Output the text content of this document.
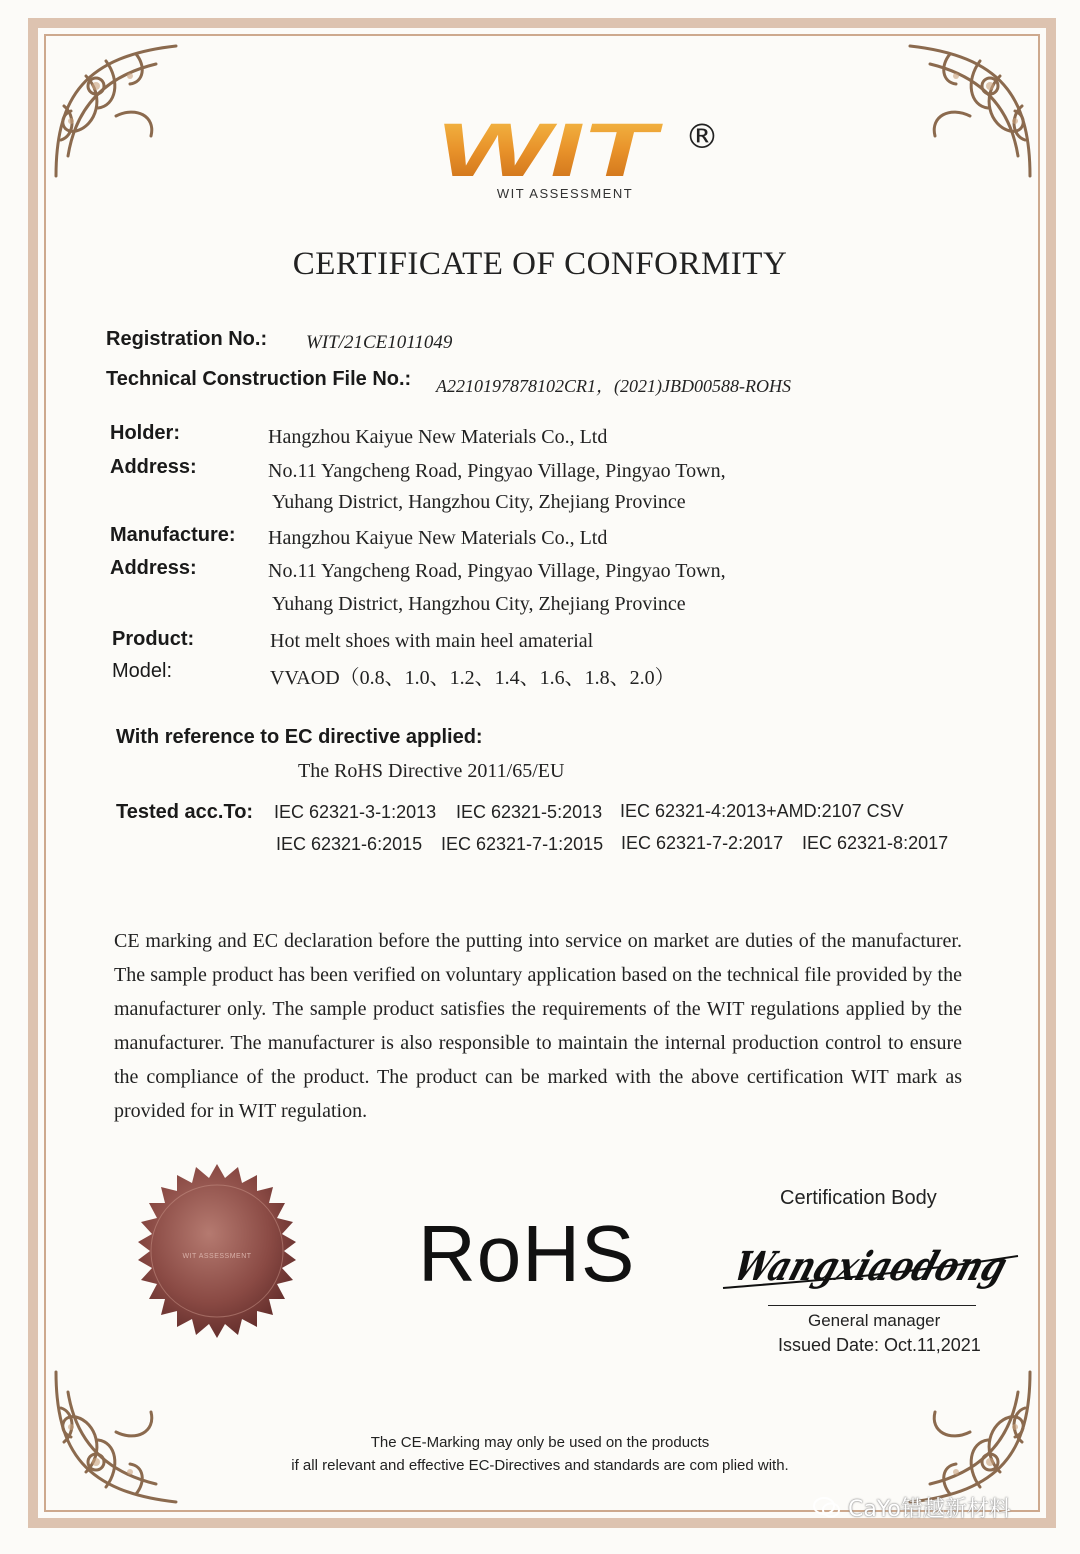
WIT	®
WIT ASSESSMENT
CERTIFICATE OF CONFORMITY
Registration No.: WIT/21CE1011049
Technical Construction File No.: A2210197878102CR1，(2021)JBD00588-ROHS
Holder:	Hangzhou Kaiyue New Materials Co., Ltd
Address:	No.11 Yangcheng Road, Pingyao Village, Pingyao Town,
Yuhang District, Hangzhou City, Zhejiang Province
Manufacture: Hangzhou Kaiyue New Materials Co., Ltd
Address:	No.11 Yangcheng Road, Pingyao Village, Pingyao Town,
Yuhang District, Hangzhou City, Zhejiang Province
Product:	Hot melt shoes with main heel amaterial
Model:	VVAOD（0.8、1.0、1.2、1.4、1.6、1.8、2.0）
With reference to EC directive applied:
The RoHS Directive 2011/65/EU
Tested acc.To: IEC 62321-3-1:2013 IEC 62321-5:2013 IEC 62321-4:2013+AMD:2107 CSV
IEC 62321-6:2015 IEC 62321-7-1:2015 IEC 62321-7-2:2017 IEC 62321-8:2017
CE marking and EC declaration before the putting into service on market are duties of the manufacturer. The sample product has been verified on voluntary application based on the technical file provided by the manufacturer only. The sample product satisfies the requirements of the WIT regulations applied by the manufacturer. The manufacturer is also responsible to maintain the internal production control to ensure the compliance of the product. The product can be marked with the above certification WIT mark as provided for in WIT regulation.
WIT ASSESSMENT RoHS
Certification Body
Wangxiaodong
General manager
Issued Date: Oct.11,2021
The CE-Marking may only be used on the products
if all relevant and effective EC-Directives and standards are com plied with.
CaYo错越新材料
